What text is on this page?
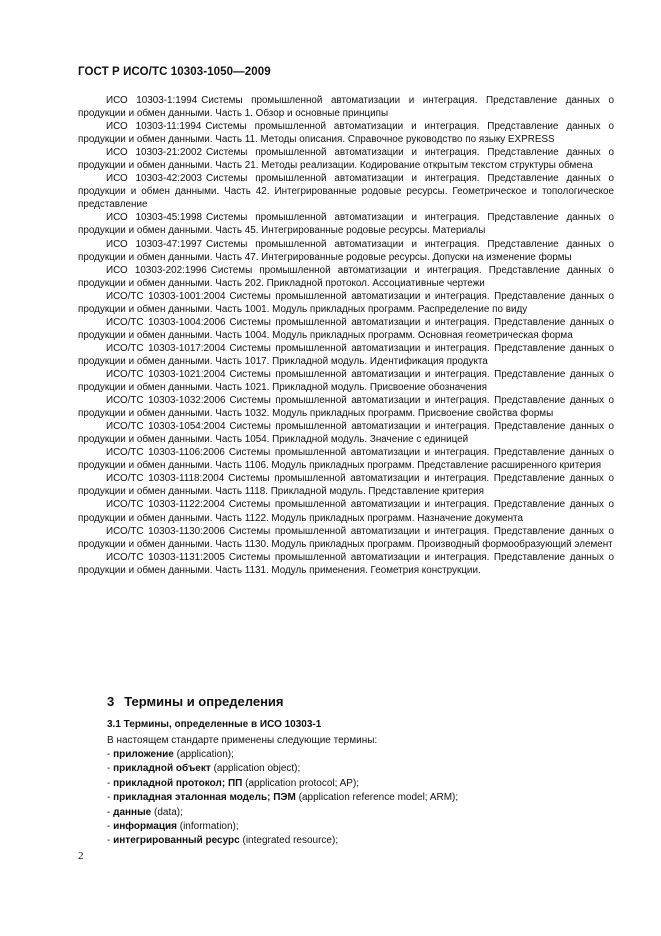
ГОСТ Р ИСО/ТС 10303-1050—2009

ИСО 10303-1:1994 Системы промышленной автоматизации и интеграция. Представление данных о продукции и обмен данными. Часть 1. Обзор и основные принципы

ИСО 10303-11:1994 Системы промышленной автоматизации и интеграция. Представление данных о продукции и обмен данными. Часть 11. Методы описания. Справочное руководство по языку EXPRESS

ИСО 10303-21:2002 Системы промышленной автоматизации и интеграция. Представление данных о продукции и обмен данными. Часть 21. Методы реализации. Кодирование открытым текстом структуры обмена

ИСО 10303-42:2003 Системы промышленной автоматизации и интеграция. Представление данных о продукции и обмен данными. Часть 42. Интегрированные родовые ресурсы. Геометрическое и топологическое представление

ИСО 10303-45:1998 Системы промышленной автоматизации и интеграция. Представление данных о продукции и обмен данными. Часть 45. Интегрированные родовые ресурсы. Материалы

ИСО 10303-47:1997 Системы промышленной автоматизации и интеграция. Представление данных о продукции и обмен данными. Часть 47. Интегрированные родовые ресурсы. Допуски на изменение формы

ИСО 10303-202:1996 Системы промышленной автоматизации и интеграция. Представление данных о продукции и обмен данными. Часть 202. Прикладной протокол. Ассоциативные чертежи

ИСО/ТС 10303-1001:2004 Системы промышленной автоматизации и интеграция. Представление данных о продукции и обмен данными. Часть 1001. Модуль прикладных программ. Распределение по виду

ИСО/ТС 10303-1004:2006 Системы промышленной автоматизации и интеграция. Представление данных о продукции и обмен данными. Часть 1004. Модуль прикладных программ. Основная геометрическая форма

ИСО/ТС 10303-1017:2004 Системы промышленной автоматизации и интеграция. Представление данных о продукции и обмен данными. Часть 1017. Прикладной модуль. Идентификация продукта

ИСО/ТС 10303-1021:2004 Системы промышленной автоматизации и интеграция. Представление данных о продукции и обмен данными. Часть 1021. Прикладной модуль. Присвоение обозначения

ИСО/ТС 10303-1032:2006 Системы промышленной автоматизации и интеграция. Представление данных о продукции и обмен данными. Часть 1032. Модуль прикладных программ. Присвоение свойства формы

ИСО/ТС 10303-1054:2004 Системы промышленной автоматизации и интеграция. Представление данных о продукции и обмен данными. Часть 1054. Прикладной модуль. Значение с единицей

ИСО/ТС 10303-1106:2006 Системы промышленной автоматизации и интеграция. Представление данных о продукции и обмен данными. Часть 1106. Модуль прикладных программ. Представление расширенного критерия

ИСО/ТС 10303-1118:2004 Системы промышленной автоматизации и интеграция. Представление данных о продукции и обмен данными. Часть 1118. Прикладной модуль. Представление критерия

ИСО/ТС 10303-1122:2004 Системы промышленной автоматизации и интеграция. Представление данных о продукции и обмен данными. Часть 1122. Модуль прикладных программ. Назначение документа

ИСО/ТС 10303-1130:2006 Системы промышленной автоматизации и интеграция. Представление данных о продукции и обмен данными. Часть 1130. Модуль прикладных программ. Производный формообразующий элемент

ИСО/ТС 10303-1131:2005 Системы промышленной автоматизации и интеграция. Представление данных о продукции и обмен данными. Часть 1131. Модуль применения. Геометрия конструкции.

3 Термины и определения
3.1 Термины, определенные в ИСО 10303-1
В настоящем стандарте применены следующие термины:
- приложение (application);
- прикладной объект (application object);
- прикладной протокол; ПП (application protocol; AP);
- прикладная эталонная модель; ПЭМ (application reference model; ARM);
- данные (data);
- информация (information);
- интегрированный ресурс (integrated resource);
2
